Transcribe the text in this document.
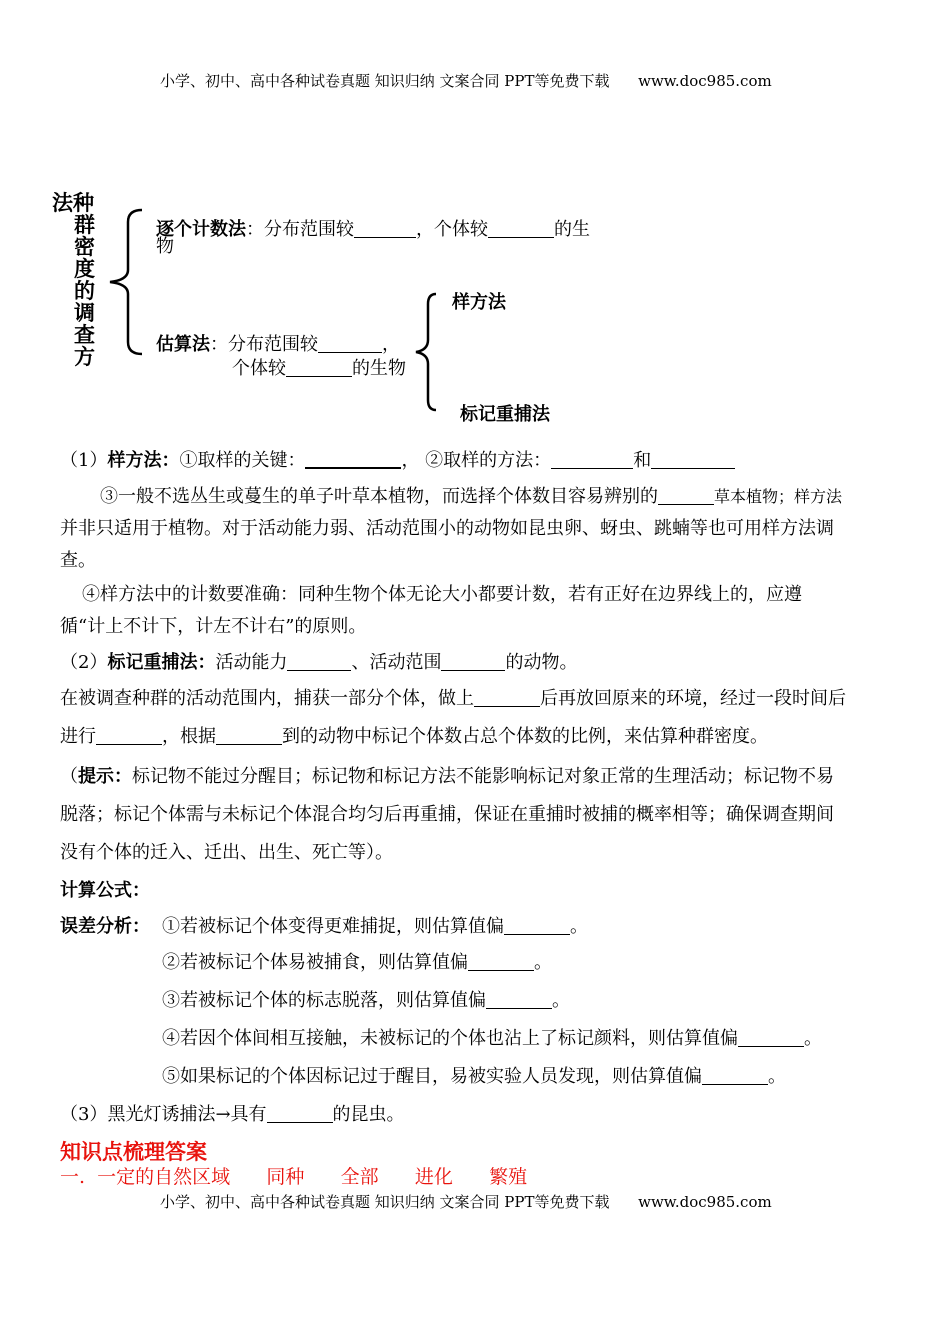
小学、初中、高中各种试卷真题 知识归纳 文案合同 PPT等免费下载 www.doc985.com
法种
群
密
度
的
调
查
方
逐个计数法：分布范围较	，个体较	的生
物
估算法：分布范围较	，
个体较	的生物
样方法
标记重捕法
（1）样方法：①取样的关键：	， ②取样的方法：	和
③一般不选丛生或蔓生的单子叶草本植物，而选择个体数目容易辨别的	草本植物；样方法
并非只适用于植物。对于活动能力弱、活动范围小的动物如昆虫卵、蚜虫、跳蝻等也可用样方法调
查。
④样方法中的计数要准确：同种生物个体无论大小都要计数，若有正好在边界线上的，应遵
循“计上不计下，计左不计右”的原则。
（2）标记重捕法：活动能力	、活动范围	的动物。
在被调查种群的活动范围内，捕获一部分个体，做上	后再放回原来的环境，经过一段时间后
进行	，根据	到的动物中标记个体数占总个体数的比例，来估算种群密度。
（提示：标记物不能过分醒目；标记物和标记方法不能影响标记对象正常的生理活动；标记物不易
脱落；标记个体需与未标记个体混合均匀后再重捕，保证在重捕时被捕的概率相等；确保调查期间
没有个体的迁入、迁出、出生、死亡等）。
计算公式：
误差分析： ①若被标记个体变得更难捕捉，则估算值偏	。
②若被标记个体易被捕食，则估算值偏	。
③若被标记个体的标志脱落，则估算值偏	。
④若因个体间相互接触，未被标记的个体也沾上了标记颜料，则估算值偏	。
⑤如果标记的个体因标记过于醒目，易被实验人员发现，则估算值偏	。
（3）黑光灯诱捕法→具有	的昆虫。
知识点梳理答案
一.  一定的自然区域      同种      全部      进化      繁殖
小学、初中、高中各种试卷真题 知识归纳 文案合同 PPT等免费下载 www.doc985.com
